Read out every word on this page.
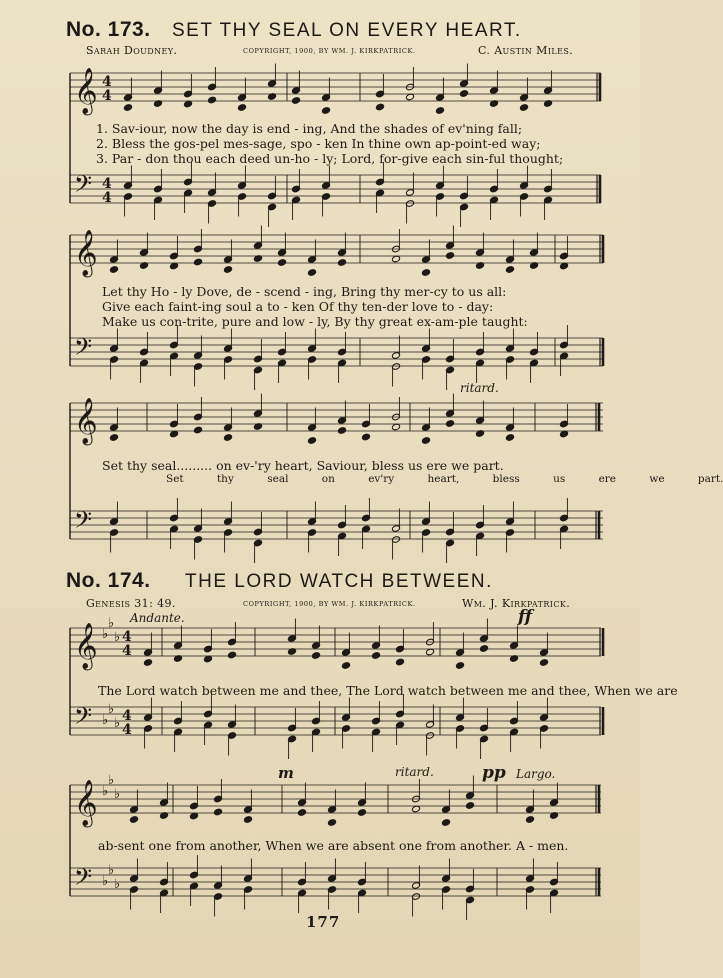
𝄞
𝄢
4
4
4
4
𝄞
𝄢
𝄞
𝄢
𝄞
𝄢
♭
♭
♭
♭
♭
♭
4
4
4
4
𝄞
𝄢
♭
♭
♭
♭
♭
♭
No. 173. SET THY SEAL ON EVERY HEART.
Sarah Doudney.	COPYRIGHT, 1900, BY WM. J. KIRKPATRICK.	C. Austin Miles.
1. Sav-iour, now the day is end - ing, And the shades of ev'ning fall;
2. Bless the gos-pel mes-sage, spo - ken In thine own ap-point-ed way;
3. Par - don thou each deed un-ho - ly; Lord, for-give each sin-ful thought;
Let thy Ho - ly Dove, de - scend - ing, Bring thy mer-cy to us all:
Give each faint-ing soul a to - ken Of thy ten-der love to - day:
Make us con-trite, pure and low - ly, By thy great ex-am-ple taught:
ritard.
Set thy seal......... on ev-'ry heart, Saviour, bless us ere we part.
Set thy seal on ev'ry heart, bless us ere we part.
No. 174. THE LORD WATCH BETWEEN.
Genesis 31: 49.	COPYRIGHT, 1900, BY WM. J. KIRKPATRICK.	Wm. J. Kirkpatrick.
Andante.	ff
The Lord watch between me and thee, The Lord watch between me and thee, When we are
m	ritard.	pp Largo.
ab-sent one from another, When we are absent one from another. A - men.
177
